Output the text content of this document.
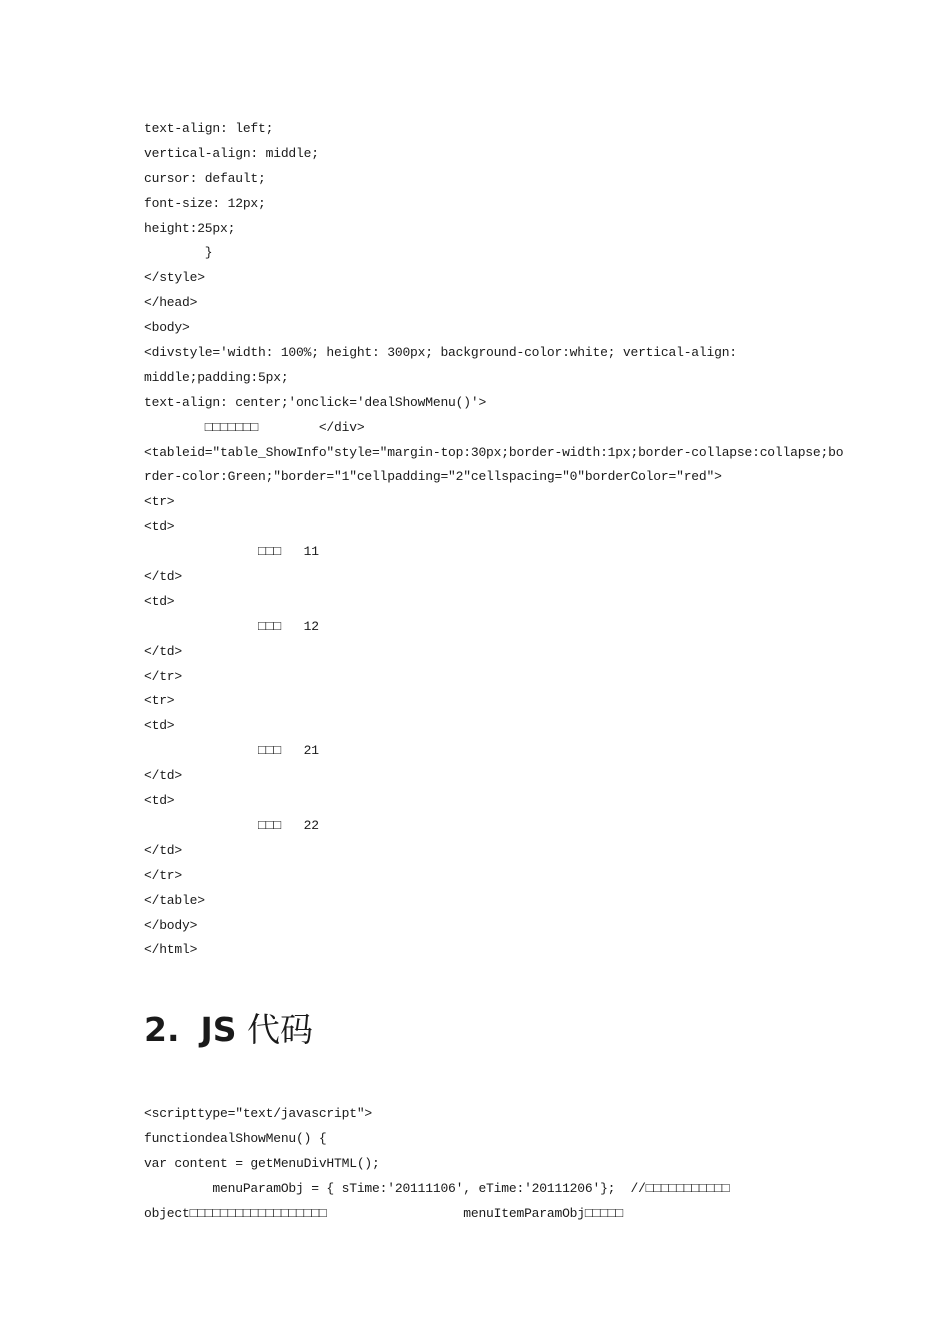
text-align: left;
vertical-align: middle;
cursor: default;
font-size: 12px;
height:25px;
}
</style>
</head>
<body>
<divstyle='width: 100%; height: 300px; background-color:white; vertical-align:
middle;padding:5px;
text-align: center;'onclick='dealShowMenu()'>
□□□□□□□        </div>
<tableid="table_ShowInfo"style="margin-top:30px;border-width:1px;border-collapse:collapse;bo
rder-color:Green;"border="1"cellpadding="2"cellspacing="0"borderColor="red">
<tr>
<td>
□□□   11
</td>
<td>
□□□   12
</td>
</tr>
<tr>
<td>
□□□   21
</td>
<td>
□□□   22
</td>
</tr>
</table>
</body>
</html>
2. JS 代码
<scripttype="text/javascript">
functiondealShowMenu() {
var content = getMenuDivHTML();
menuParamObj = { sTime:'20111106', eTime:'20111206'};  //□□□□□□□□□□□
object□□□□□□□□□□□□□□□□□□                  menuItemParamObj□□□□□
